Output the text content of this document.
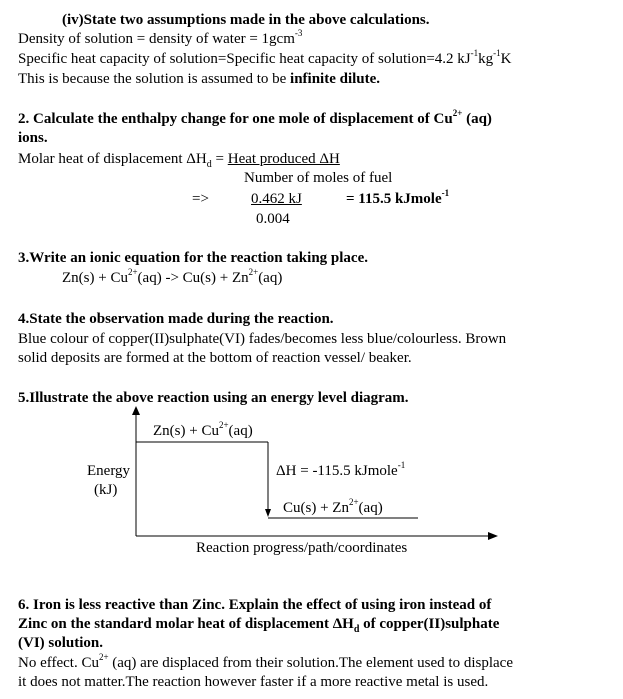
(iv)State two assumptions made in the above calculations.
Density of solution = density of water = 1gcm$^{-3}$
Specific heat capacity of solution=Specific heat capacity of solution=4.2 $kJ^{-1}kg^{-1}K$
This is because the solution is assumed to be infinite dilute.
2. Calculate the enthalpy change for one mole of displacement of $Cu^{2+}$ (aq)
ions.
Molar heat of displacement $\Delta H_d$ = Heat produced ΔH
Number of moles of fuel
=>	0.462 kJ	= 115.5 kJmole$^{-1}$
0.004
3.Write an ionic equation for the reaction taking place.
$Zn(s) + Cu^{2+}(aq) -> Cu(s) + Zn^{2+}(aq)$
4.State the observation made during the reaction.
Blue colour of copper(II)sulphate(VI) fades/becomes less blue/colourless. Brown
solid deposits are formed at the bottom of reaction vessel/ beaker.
5.Illustrate the above reaction using an energy level diagram.
$Zn(s) + Cu^{2+}(aq)$
ΔH = -115.5 kJmole$^{-1}$
$Cu(s) + Zn^{2+}(aq)$
Energy
(kJ)
Reaction progress/path/coordinates
6. Iron is less reactive than Zinc. Explain the effect of using iron instead of
Zinc on the standard molar heat of displacement $\Delta H_d$ of copper(II)sulphate
(VI) solution.
No effect. $Cu^{2+}$ (aq) are displaced from their solution.The element used to displace
it does not matter.The reaction however faster if a more reactive metal is used.
